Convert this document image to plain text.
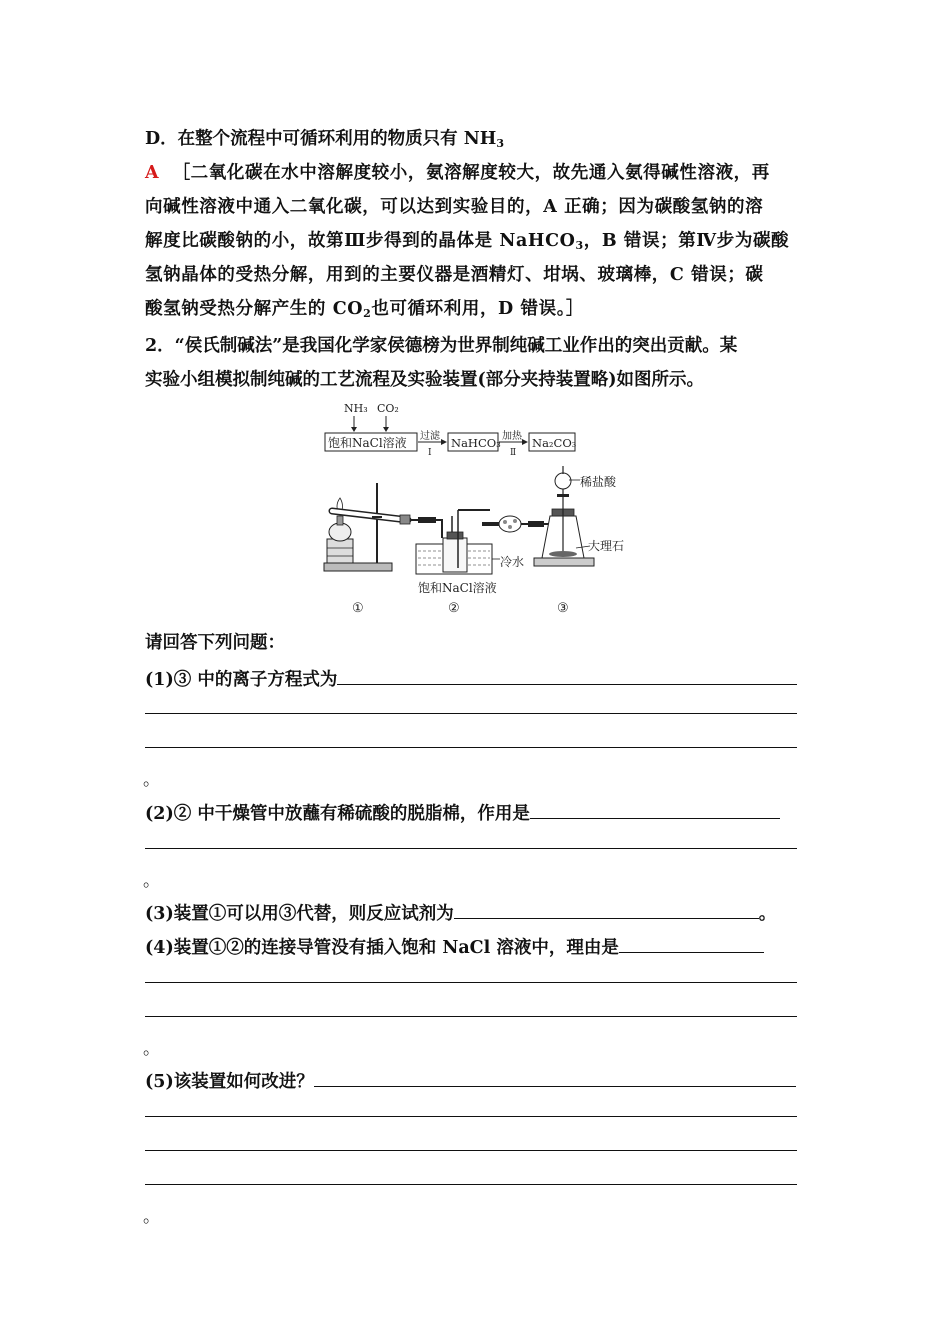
D．在整个流程中可循环利用的物质只有 $NH_3$
A ［二氧化碳在水中溶解度较小，氨溶解度较大，故先通入氨得碱性溶液，再
向碱性溶液中通入二氧化碳，可以达到实验目的，A 正确；因为碳酸氢钠的溶
解度比碳酸钠的小，故第Ⅲ步得到的晶体是 NaHCO$_3$，B 错误；第Ⅳ步为碳酸
氢钠晶体的受热分解，用到的主要仪器是酒精灯、坩埚、玻璃棒，C 错误；碳
酸氢钠受热分解产生的 $CO_2$也可循环利用，D 错误。］
2．“侯氏制碱法”是我国化学家侯德榜为世界制纯碱工业作出的突出贡献。某
实验小组模拟制纯碱的工艺流程及实验装置(部分夹持装置略)如图所示。
NH₃ CO₂
饱和NaCl溶液 过滤
Ⅰ
NaHCO₃ 加热
Ⅱ
Na₂CO₃
冷水
饱和NaCl溶液
稀盐酸
大理石
①	②	③
请回答下列问题：
(1)③ 中的离子方程式为
。
(2)② 中干燥管中放蘸有稀硫酸的脱脂棉，作用是
。
(3)装置①可以用③代替，则反应试剂为	。
(4)装置①②的连接导管没有插入饱和 NaCl 溶液中，理由是
。
(5)该装置如何改进？
。
